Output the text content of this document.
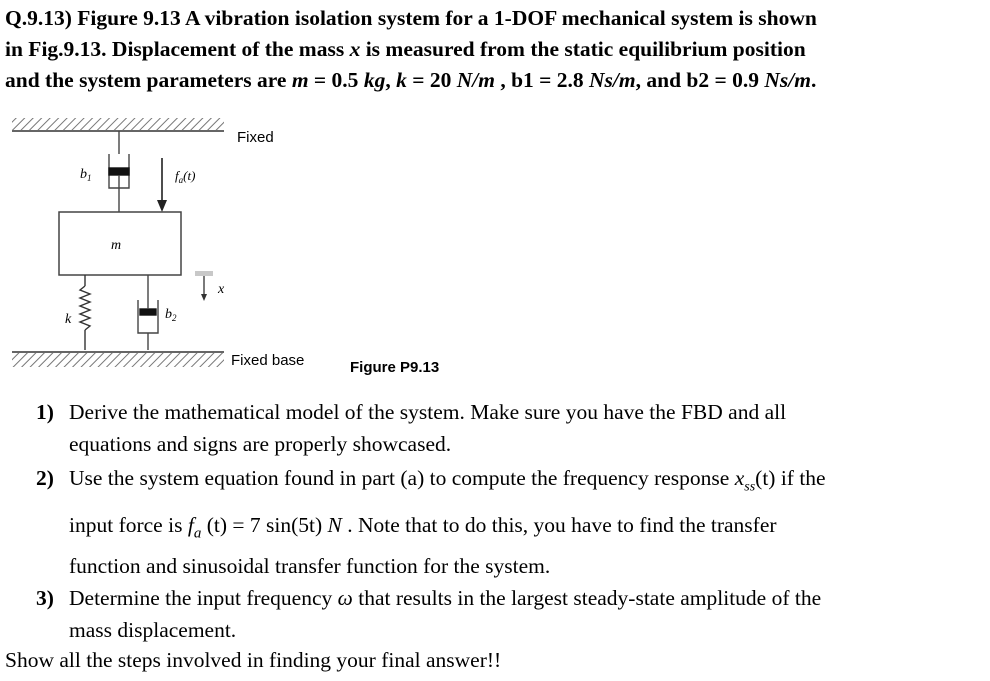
Q.9.13) Figure 9.13 A vibration isolation system for a 1-DOF mechanical system is shown
in Fig.9.13. Displacement of the mass x is measured from the static equilibrium position
and the system parameters are m = 0.5 kg, k = 20 N/m , b1 = 2.8 Ns/m, and b2 = 0.9 Ns/m.
Fixed
$b_1$	$f_a(t)$
m
x
k	$b_2$
Fixed base	Figure P9.13
1) Derive the mathematical model of the system. Make sure you have the FBD and all
equations and signs are properly showcased.
2) Use the system equation found in part (a) to compute the frequency response $x_{ss}(t)$ if the
input force is $f_a$ (t) = 7 sin(5t) N . Note that to do this, you have to find the transfer
function and sinusoidal transfer function for the system.
3) Determine the input frequency ω that results in the largest steady-state amplitude of the
mass displacement.
Show all the steps involved in finding your final answer!!
